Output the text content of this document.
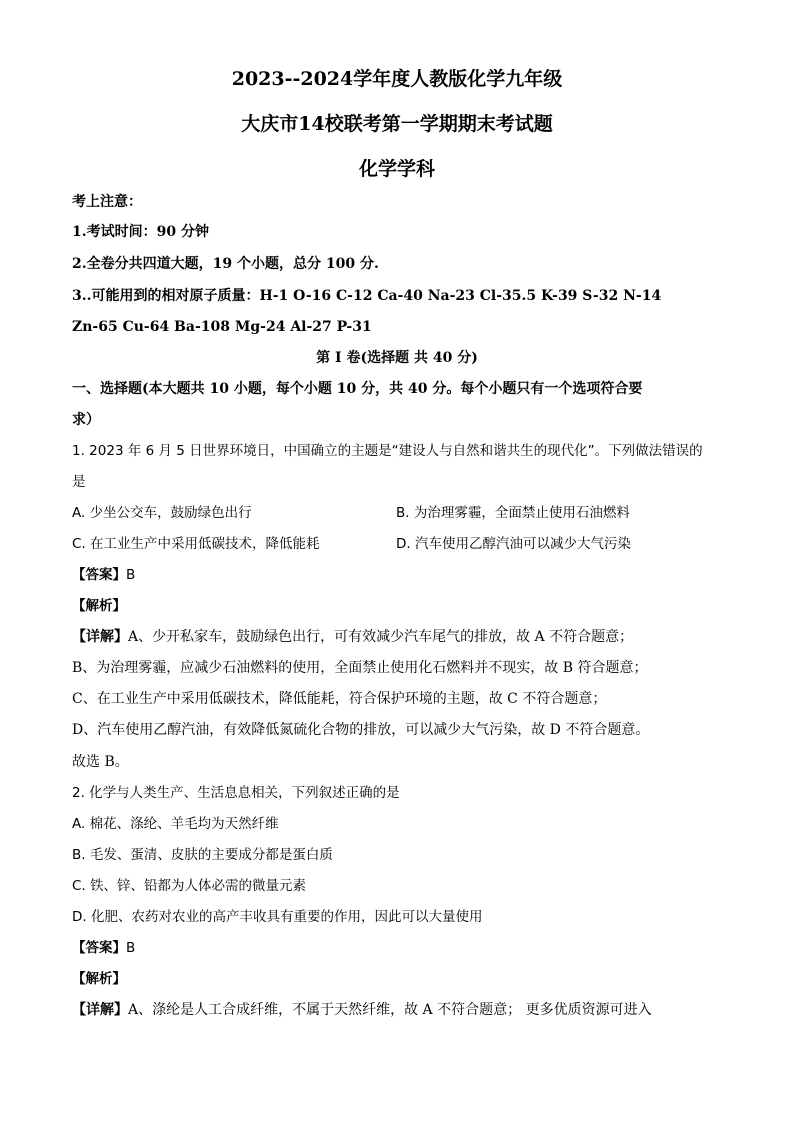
2023--2024学年度人教版化学九年级
大庆市14校联考第一学期期末考试题
化学学科
考上注意：
1.考试时间：90 分钟
2.全卷分共四道大题，19 个小题，总分 100 分.
3..可能用到的相对原子质量：H-1 O-16 C-12 Ca-40 Na-23 Cl-35.5 K-39 S-32 N-14
Zn-65 Cu-64 Ba-108 Mg-24 Al-27 P-31
第 I 卷(选择题 共 40 分)
一、选择题(本大题共 10 小题，每个小题 10 分，共 40 分。每个小题只有一个选项符合要
求）
1. 2023 年 6 月 5 日世界环境日，中国确立的主题是“建设人与自然和谐共生的现代化”。下列做法错误的
是
A. 少坐公交车，鼓励绿色出行	B. 为治理雾霾，全面禁止使用石油燃料
C. 在工业生产中采用低碳技术，降低能耗	D. 汽车使用乙醇汽油可以减少大气污染
【答案】B
【解析】
【详解】A、少开私家车，鼓励绿色出行，可有效减少汽车尾气的排放，故 A 不符合题意；
B、为治理雾霾，应减少石油燃料的使用，全面禁止使用化石燃料并不现实，故 B 符合题意；
C、在工业生产中采用低碳技术，降低能耗，符合保护环境的主题，故 C 不符合题意；
D、汽车使用乙醇汽油，有效降低氮硫化合物的排放，可以减少大气污染，故 D 不符合题意。
故选 B。
2. 化学与人类生产、生活息息相关，下列叙述正确的是
A. 棉花、涤纶、羊毛均为天然纤维
B. 毛发、蛋清、皮肤的主要成分都是蛋白质
C. 铁、锌、铅都为人体必需的微量元素
D. 化肥、农药对农业的高产丰收具有重要的作用，因此可以大量使用
【答案】B
【解析】
【详解】A、涤纶是人工合成纤维，不属于天然纤维，故 A 不符合题意； 更多优质资源可进入
